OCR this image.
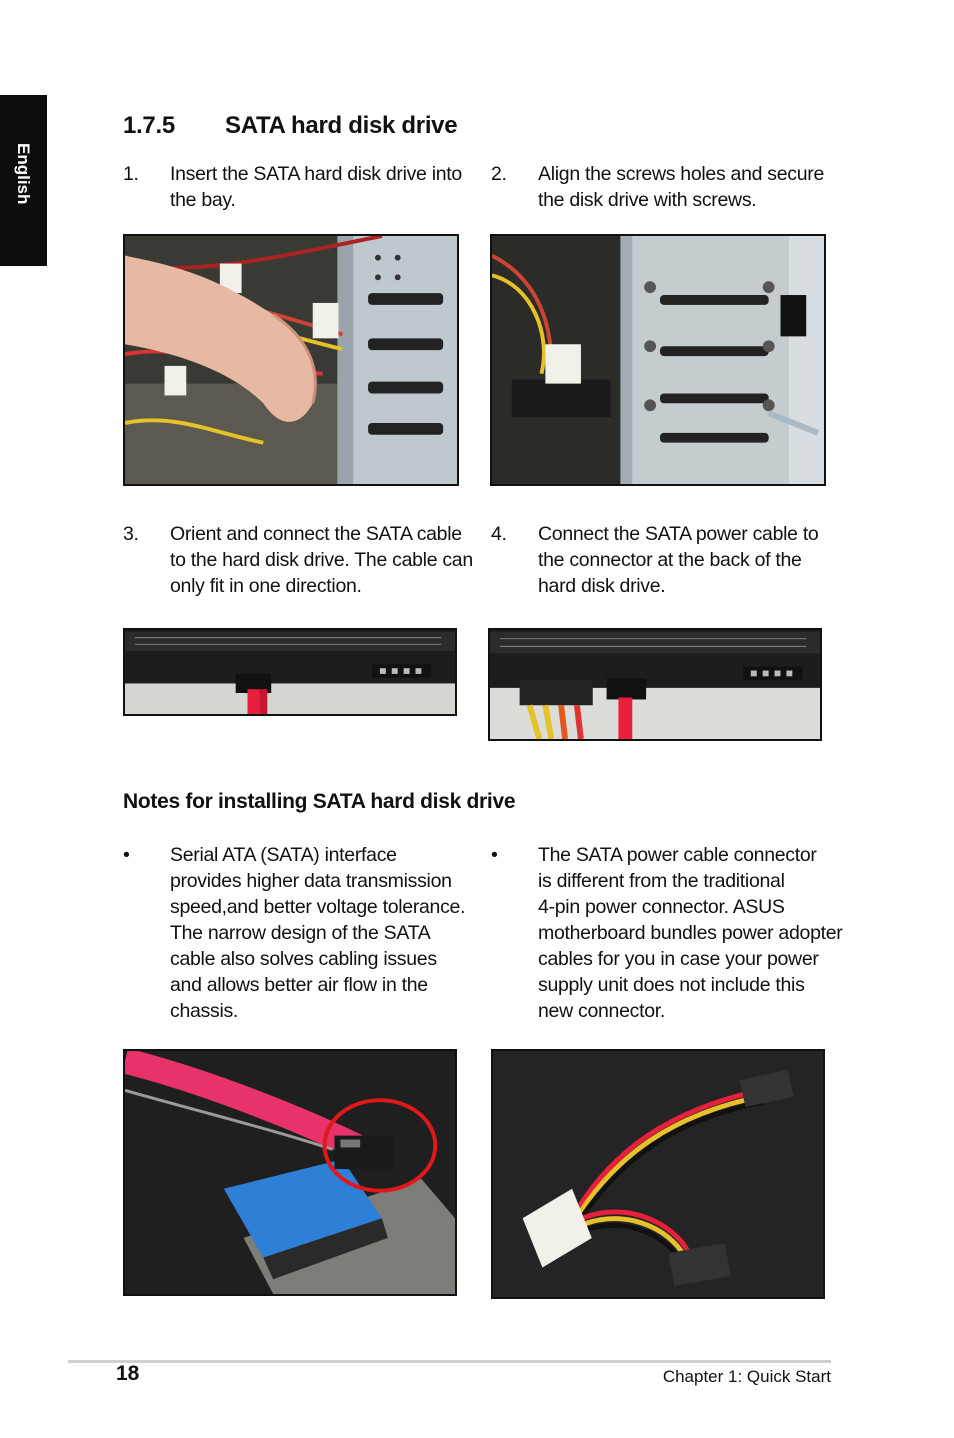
English
1.7.5 SATA hard disk drive
1. Insert the SATA hard disk drive into
the bay.
2. Align the screws holes and secure
the disk drive with screws.
3. Orient and connect the SATA cable
to the hard disk drive. The cable can
only fit in one direction.
4. Connect the SATA power cable to
the connector at the back of the
hard disk drive.
Notes for installing SATA hard disk drive
• Serial ATA (SATA) interface
provides higher data transmission
speed,and better voltage tolerance.
The narrow design of the SATA
cable also solves cabling issues
and allows better air flow in the
chassis.
• The SATA power cable connector
is different from the traditional
4-pin power connector. ASUS
motherboard bundles power adopter
cables for you in case your power
supply unit does not include this
new connector.
18	Chapter 1: Quick Start
